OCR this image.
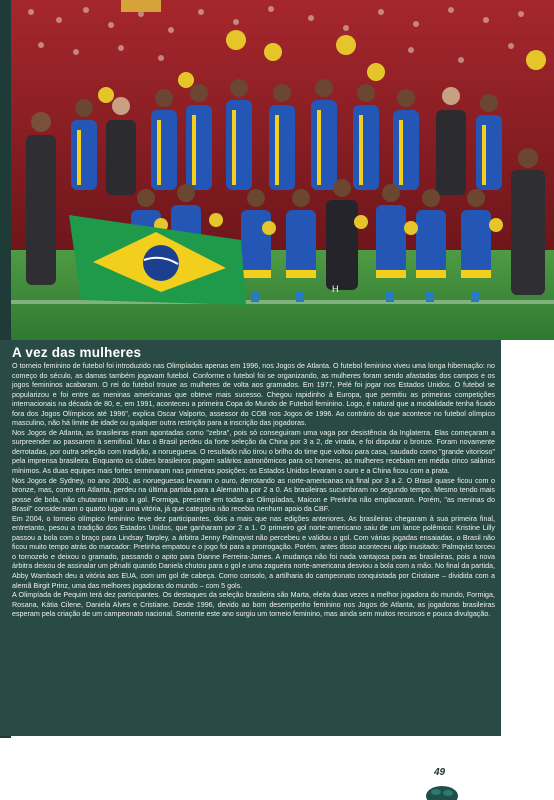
H
A vez das mulheres

O torneio feminino de futebol foi introduzido nas Olimpíadas apenas em 1996, nos Jogos de Atlanta. O futebol feminino viveu uma longa hibernação: no começo do século, as damas também jogavam futebol. Conforme o futebol foi se organizando, as mulheres foram sendo afastadas dos campos e os jogos femininos acabaram. O rei do futebol trouxe as mulheres de volta aos gramados. Em 1977, Pelé foi jogar nos Estados Unidos. O futebol se popularizou e foi entre as meninas americanas que obteve mais sucesso. Chegou rapidinho à Europa, que permitiu as primeiras competições internacionais na década de 80, e, em 1991, aconteceu a primeira Copa do Mundo de Futebol feminino. Logo, é natural que a modalidade tenha ficado fora dos Jogos Olímpicos até 1996", explica Oscar Valporto, assessor do COB nos Jogos de 1996. Ao contrário do que acontece no futebol olímpico masculino, não há limite de idade ou qualquer outra restrição para a inscrição das jogadoras.

Nos Jogos de Atlanta, as brasileiras eram apontadas como "zebra", pois só conseguiram uma vaga por desistência da Inglaterra. Elas começaram a surpreender ao passarem à semifinal. Mas o Brasil perdeu da forte seleção da China por 3 a 2, de virada, e foi disputar o bronze. Foram novamente derrotadas, por outra seleção com tradição, a norueguesa. O resultado não tirou o brilho do time que voltou para casa, saudado como "grande vitorioso" pela imprensa brasileira. Enquanto os clubes brasileiros pagam salários astronômicos para os homens, as mulheres recebiam em média cinco salários mínimos. As duas equipes mais fortes terminaram nas primeiras posições: os Estados Unidos levaram o ouro e a China ficou com a prata.

Nos Jogos de Sydney, no ano 2000, as norueguesas levaram o ouro, derrotando as norte-americanas na final por 3 a 2. O Brasil quase ficou com o bronze, mas, como em Atlanta, perdeu na última partida para a Alemanha por 2 a 0. As brasileiras sucumbiram no segundo tempo. Mesmo tendo mais posse de bola, não chutaram muito a gol. Formiga, presente em todas as Olimpíadas, Maicon e Pretinha não emplacaram. Porém, "as meninas do Brasil" consideraram o quarto lugar uma vitória, já que categoria não recebia nenhum apoio da CBF.

Em 2004, o torneio olímpico feminino teve dez participantes, dois a mais que nas edições anteriores. As brasileiras chegaram à sua primeira final, entretanto, pesou a tradição dos Estados Unidos, que ganharam por 2 a 1. O primeiro gol norte-americano saiu de um lance polêmico: Kristine Lilly passou a bola com o braço para Lindsay Tarpley, a árbitra Jenny Palmqvist não percebeu e validou o gol. Com várias jogadas ensaiadas, o Brasil não ficou muito tempo atrás do marcador: Pretinha empatou e o jogo foi para a prorrogação. Porém, antes disso aconteceu algo inusitado: Palmqvist torceu o tornozelo e deixou o gramado, passando o apito para Dianne Ferreira-James. A mudança não foi nada vantajosa para as brasileiras, pois a nova árbitra deixou de assinalar um pênalti quando Daniela chutou para o gol e uma zagueira norte-americana desviou a bola com a mão. No final da partida, Abby Wambach deu a vitória aos EUA, com um gol de cabeça. Como consolo, a artilharia do campeonato conquistada por Cristiane – dividida com a alemã Birgit Prinz, uma das melhores jogadoras do mundo – com 5 gols.

A Olimpíada de Pequim terá dez participantes. Os destaques da seleção brasileira são Marta, eleita duas vezes a melhor jogadora do mundo, Formiga, Rosana, Kátia Cilene, Daniela Alves e Cristiane. Desde 1996, devido ao bom desempenho feminino nos Jogos de Atlanta, as jogadoras brasileiras esperam pela criação de um campeonato nacional. Somente este ano surgiu um torneio feminino, mas ainda sem muitos recursos e pouca divulgação.

49
